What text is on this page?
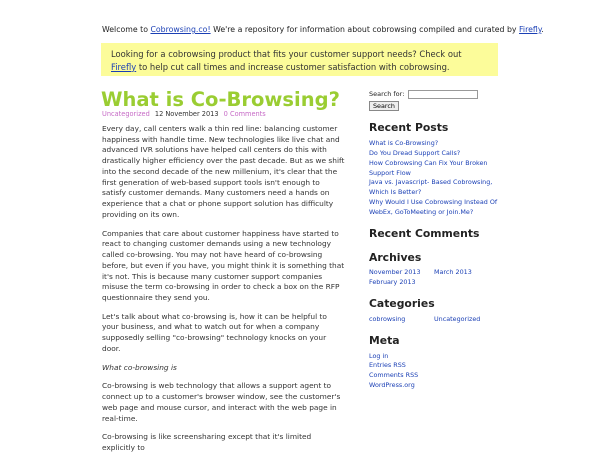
Welcome to Cobrowsing.co! We're a repository for information about cobrowsing compiled and curated by Firefly.
Looking for a cobrowsing product that fits your customer support needs? Check out Firefly to help cut call times and increase customer satisfaction with cobrowsing.
What is Co-Browsing?
Uncategorized 12 November 2013 0 Comments

Every day, call centers walk a thin red line: balancing customer happiness with handle time. New technologies like live chat and advanced IVR solutions have helped call centers do this with drastically higher efficiency over the past decade. But as we shift into the second decade of the new millenium, it's clear that the first generation of web-based support tools isn't enough to satisfy customer demands. Many customers need a hands on experience that a chat or phone support solution has difficulty providing on its own.

Companies that care about customer happiness have started to react to changing customer demands using a new technology called co-browsing. You may not have heard of co-browsing before, but even if you have, you might think it is something that it's not. This is because many customer support companies misuse the term co-browsing in order to check a box on the RFP questionnaire they send you.

Let's talk about what co-browsing is, how it can be helpful to your business, and what to watch out for when a company supposedly selling "co-browsing" technology knocks on your door.

What co-browsing is

Co-browsing is web technology that allows a support agent to connect up to a customer's browser window, see the customer's web page and mouse cursor, and interact with the web page in real-time.

Co-browsing is like screensharing except that it's limited explicitly to

Search for:
Search
Recent Posts
What is Co-Browsing?
Do You Dread Support Calls?
How Cobrowsing Can Fix Your Broken Support Flow
Java vs. Javascript- Based Cobrowsing, Which Is Better?
Why Would I Use Cobrowsing Instead Of WebEx, GoToMeeting or Join.Me?
Recent Comments
Archives
November 2013	March 2013
February 2013
Categories
cobrowsing	Uncategorized
Meta
Log in
Entries RSS
Comments RSS
WordPress.org
